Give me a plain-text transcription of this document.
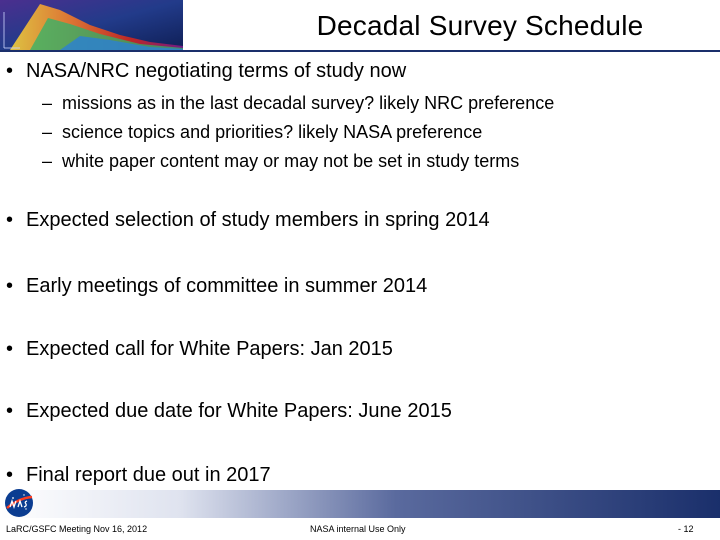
Decadal Survey Schedule
• NASA/NRC negotiating terms of study now
– missions as in the last decadal survey? likely NRC preference
– science topics and priorities? likely NASA preference
– white paper content may or may not be set in study terms
• Expected selection of study members in spring 2014
• Early meetings of committee in summer 2014
• Expected call for White Papers: Jan 2015
• Expected due date for White Papers: June 2015
• Final report due out in 2017
LaRC/GSFC Meeting Nov 16, 2012	NASA internal Use Only	- 12
